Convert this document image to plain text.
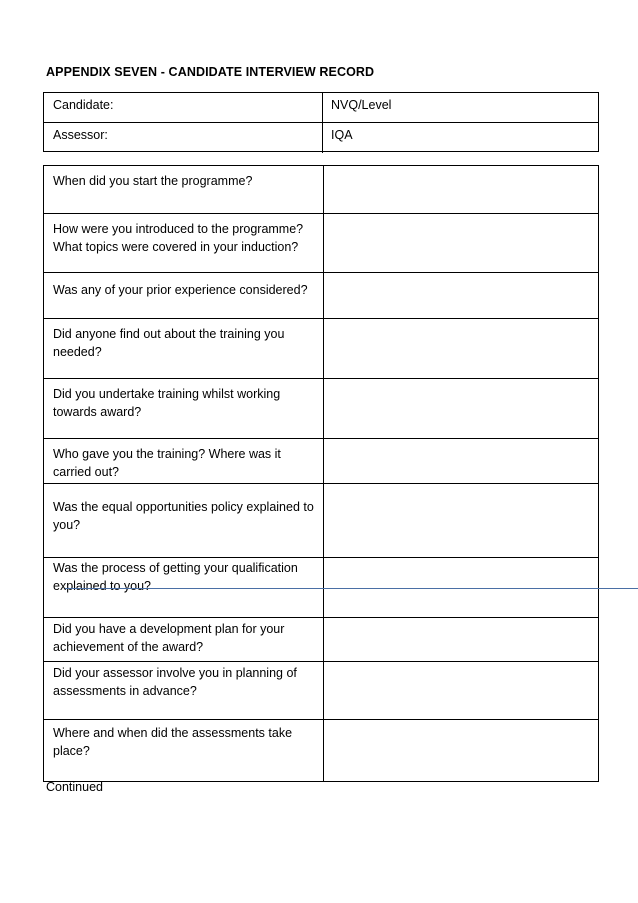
APPENDIX SEVEN - CANDIDATE INTERVIEW RECORD
Candidate:	NVQ/Level
Assessor:	IQA
When did you start the programme?
How were you introduced to the programme? What topics were covered in your induction?
Was any of your prior experience considered?
Did anyone find out about the training you needed?
Did you undertake training whilst working towards award?
Who gave you the training? Where was it carried out?
Was the equal opportunities policy explained to you?
Was the process of getting your qualification explained to you?
Did you have a development plan for your achievement of the award?
Did your assessor involve you in planning of assessments in advance?
Where and when did the assessments take place?
Continued
